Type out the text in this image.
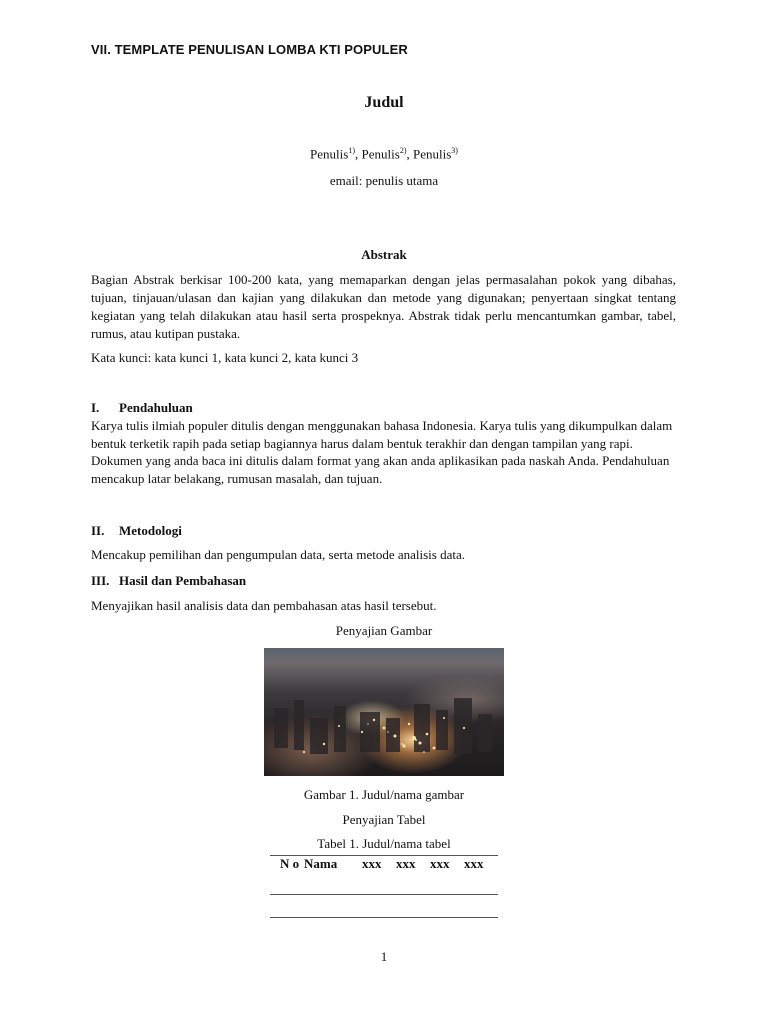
VII. TEMPLATE PENULISAN LOMBA KTI POPULER
Judul
Penulis$^{1)}$, Penulis$^{2)}$, Penulis$^{3)}$
email: penulis utama
Abstrak
Bagian Abstrak berkisar 100-200 kata, yang memaparkan dengan jelas permasalahan pokok yang dibahas, tujuan, tinjauan/ulasan dan kajian yang dilakukan dan metode yang digunakan; penyertaan singkat tentang kegiatan yang telah dilakukan atau hasil serta prospeknya. Abstrak tidak perlu mencantumkan gambar, tabel, rumus, atau kutipan pustaka.
Kata kunci: kata kunci 1, kata kunci 2, kata kunci 3
I. Pendahuluan
Karya tulis ilmiah populer ditulis dengan menggunakan bahasa Indonesia. Karya tulis yang dikumpulkan dalam bentuk terketik rapih pada setiap bagiannya harus dalam bentuk terakhir dan dengan tampilan yang rapi. Dokumen yang anda baca ini ditulis dalam format yang akan anda aplikasikan pada naskah Anda. Pendahuluan mencakup latar belakang, rumusan masalah, dan tujuan.
II. Metodologi
Mencakup pemilihan dan pengumpulan data, serta metode analisis data.
III. Hasil dan Pembahasan
Menyajikan hasil analisis data dan pembahasan atas hasil tersebut.
Penyajian Gambar
Gambar 1. Judul/nama gambar
Penyajian Tabel
Tabel 1. Judul/nama tabel
N o	Nama	xxx	xxx	xxx	xxx

1
